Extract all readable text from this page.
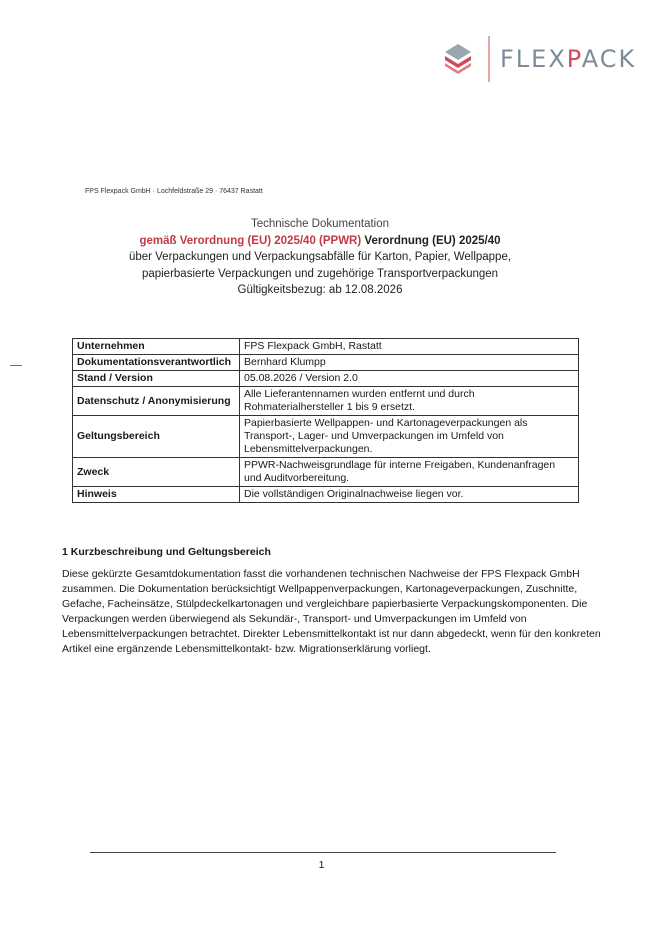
FLEXPACK
FPS Flexpack GmbH · Lochfeldstraße 29 · 76437 Rastatt
Technische Dokumentation
gemäß Verordnung (EU) 2025/40 (PPWR) Verordnung (EU) 2025/40
über Verpackungen und Verpackungsabfälle für Karton, Papier, Wellpappe,
papierbasierte Verpackungen und zugehörige Transportverpackungen
Gültigkeitsbezug: ab 12.08.2026
Unternehmen	FPS Flexpack GmbH, Rastatt
Dokumentationsverantwortlich	Bernhard Klumpp
Stand / Version	05.08.2026 / Version 2.0
Datenschutz / Anonymisierung	Alle Lieferantennamen wurden entfernt und durch Rohmaterialhersteller 1 bis 9 ersetzt.
Geltungsbereich	Papierbasierte Wellpappen- und Kartonageverpackungen als Transport-, Lager- und Umverpackungen im Umfeld von Lebensmittelverpackungen.
Zweck	PPWR-Nachweisgrundlage für interne Freigaben, Kundenanfragen und Auditvorbereitung.
Hinweis	Die vollständigen Originalnachweise liegen vor.
1 Kurzbeschreibung und Geltungsbereich
Diese gekürzte Gesamtdokumentation fasst die vorhandenen technischen Nachweise der FPS Flexpack GmbH zusammen. Die Dokumentation berücksichtigt Wellpappenverpackungen, Kartonageverpackungen, Zuschnitte, Gefache, Facheinsätze, Stülpdeckelkartonagen und vergleichbare papierbasierte Verpackungskomponenten. Die Verpackungen werden überwiegend als Sekundär-, Transport- und Umverpackungen im Umfeld von Lebensmittelverpackungen betrachtet. Direkter Lebensmittelkontakt ist nur dann abgedeckt, wenn für den konkreten Artikel eine ergänzende Lebensmittelkontakt- bzw. Migrationserklärung vorliegt.
1
